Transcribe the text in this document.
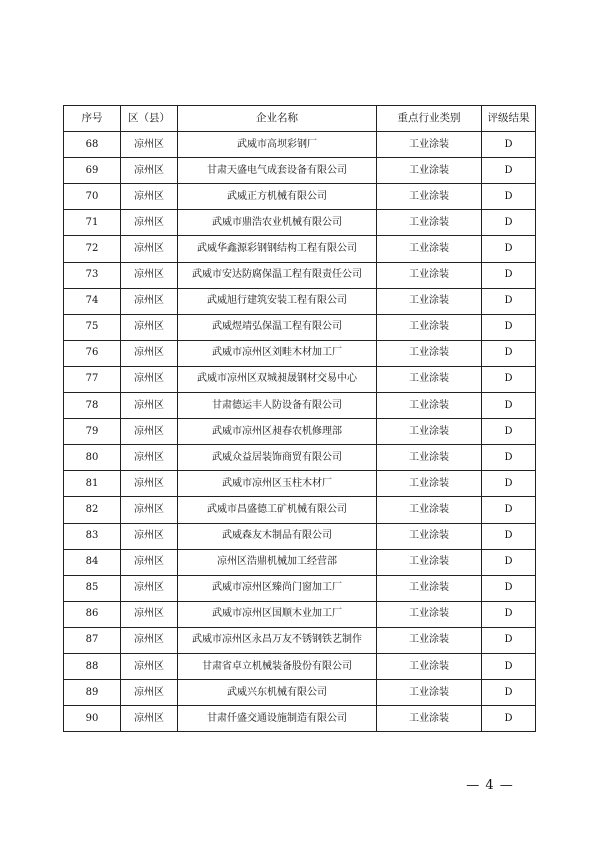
序号	区（县）	企业名称	重点行业类别	评级结果
68	凉州区	武威市高坝彩钢厂	工业涂装	D
69	凉州区	甘肃天盛电气成套设备有限公司	工业涂装	D
70	凉州区	武威正方机械有限公司	工业涂装	D
71	凉州区	武威市鼎浩农业机械有限公司	工业涂装	D
72	凉州区	武威华鑫源彩钢钢结构工程有限公司	工业涂装	D
73	凉州区	武威市安达防腐保温工程有限责任公司	工业涂装	D
74	凉州区	武威旭行建筑安装工程有限公司	工业涂装	D
75	凉州区	武威煜靖弘保温工程有限公司	工业涂装	D
76	凉州区	武威市凉州区刘畦木材加工厂	工业涂装	D
77	凉州区	武威市凉州区双城昶晟钢材交易中心	工业涂装	D
78	凉州区	甘肃德运丰人防设备有限公司	工业涂装	D
79	凉州区	武威市凉州区昶春农机修理部	工业涂装	D
80	凉州区	武威众益居装饰商贸有限公司	工业涂装	D
81	凉州区	武威市凉州区玉柱木材厂	工业涂装	D
82	凉州区	武威市昌盛德工矿机械有限公司	工业涂装	D
83	凉州区	武威森友木制品有限公司	工业涂装	D
84	凉州区	凉州区浩鼎机械加工经营部	工业涂装	D
85	凉州区	武威市凉州区臻尚门窗加工厂	工业涂装	D
86	凉州区	武威市凉州区国顺木业加工厂	工业涂装	D
87	凉州区	武威市凉州区永昌万友不锈钢铁艺制作	工业涂装	D
88	凉州区	甘肃省卓立机械装备股份有限公司	工业涂装	D
89	凉州区	武威兴东机械有限公司	工业涂装	D
90	凉州区	甘肃仟盛交通设施制造有限公司	工业涂装	D
— 4 —
